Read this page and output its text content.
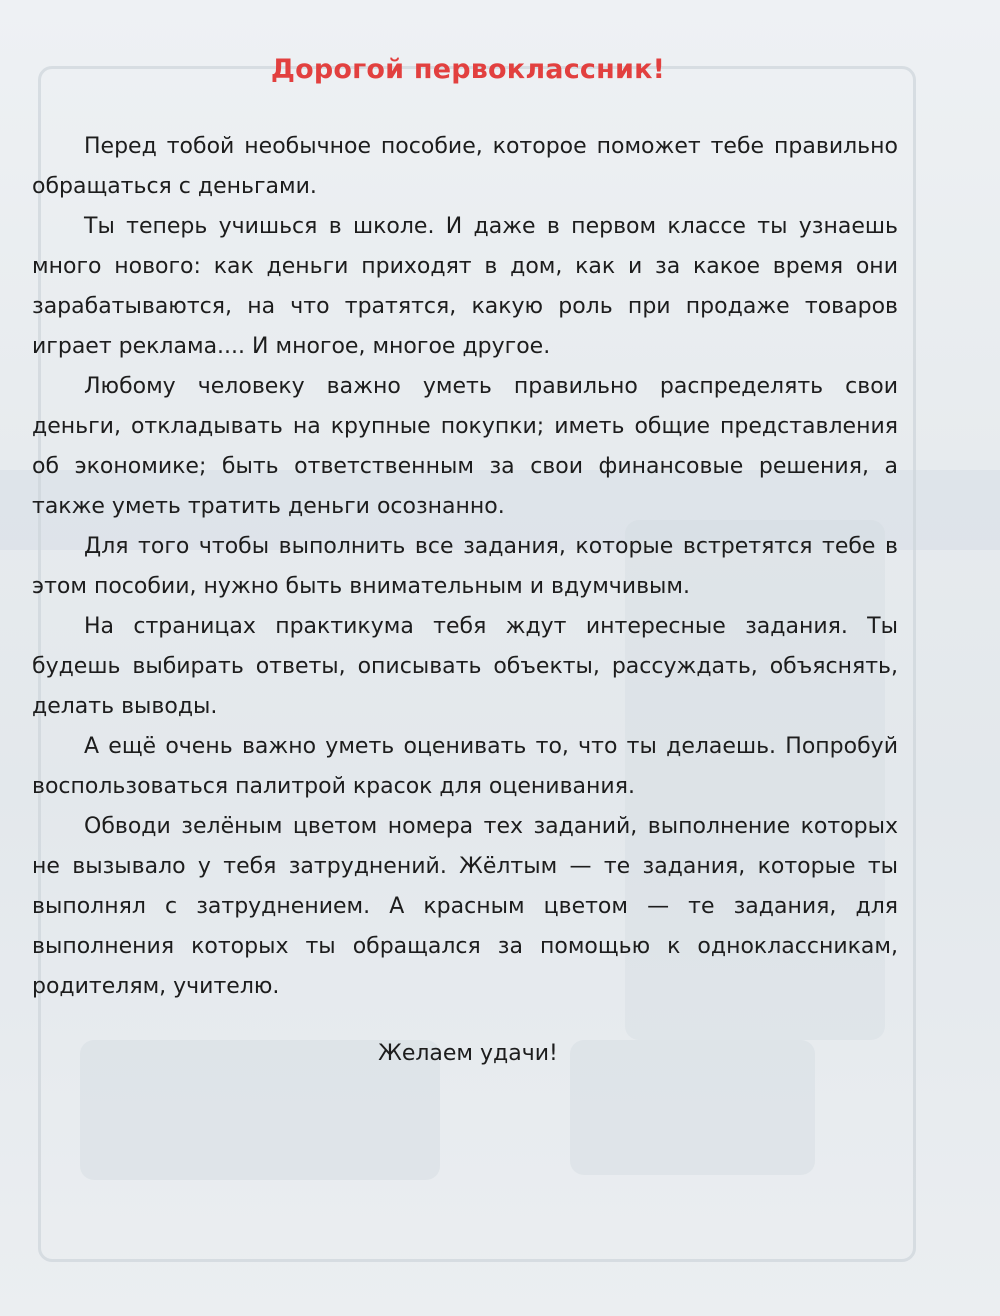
Дорогой первоклассник!

Перед тобой необычное пособие, которое поможет тебе правильно обращаться с деньгами.

Ты теперь учишься в школе. И даже в первом классе ты узнаешь много нового: как деньги приходят в дом, как и за какое время они зарабатываются, на что тратятся, какую роль при продаже товаров играет реклама.... И многое, многое другое.

Любому человеку важно уметь правильно распределять свои деньги, откладывать на крупные покупки; иметь общие представления об экономике; быть ответственным за свои финансовые решения, а также уметь тратить деньги осознанно.

Для того чтобы выполнить все задания, которые встретятся тебе в этом пособии, нужно быть внимательным и вдумчивым.

На страницах практикума тебя ждут интересные задания. Ты будешь выбирать ответы, описывать объекты, рассуждать, объяснять, делать выводы.

А ещё очень важно уметь оценивать то, что ты делаешь. Попробуй воспользоваться палитрой красок для оценивания.

Обводи зелёным цветом номера тех заданий, выполнение которых не вызывало у тебя затруднений. Жёлтым — те задания, которые ты выполнял с затруднением. А красным цветом — те задания, для выполнения которых ты обращался за помощью к одноклассникам, родителям, учителю.

Желаем удачи!
